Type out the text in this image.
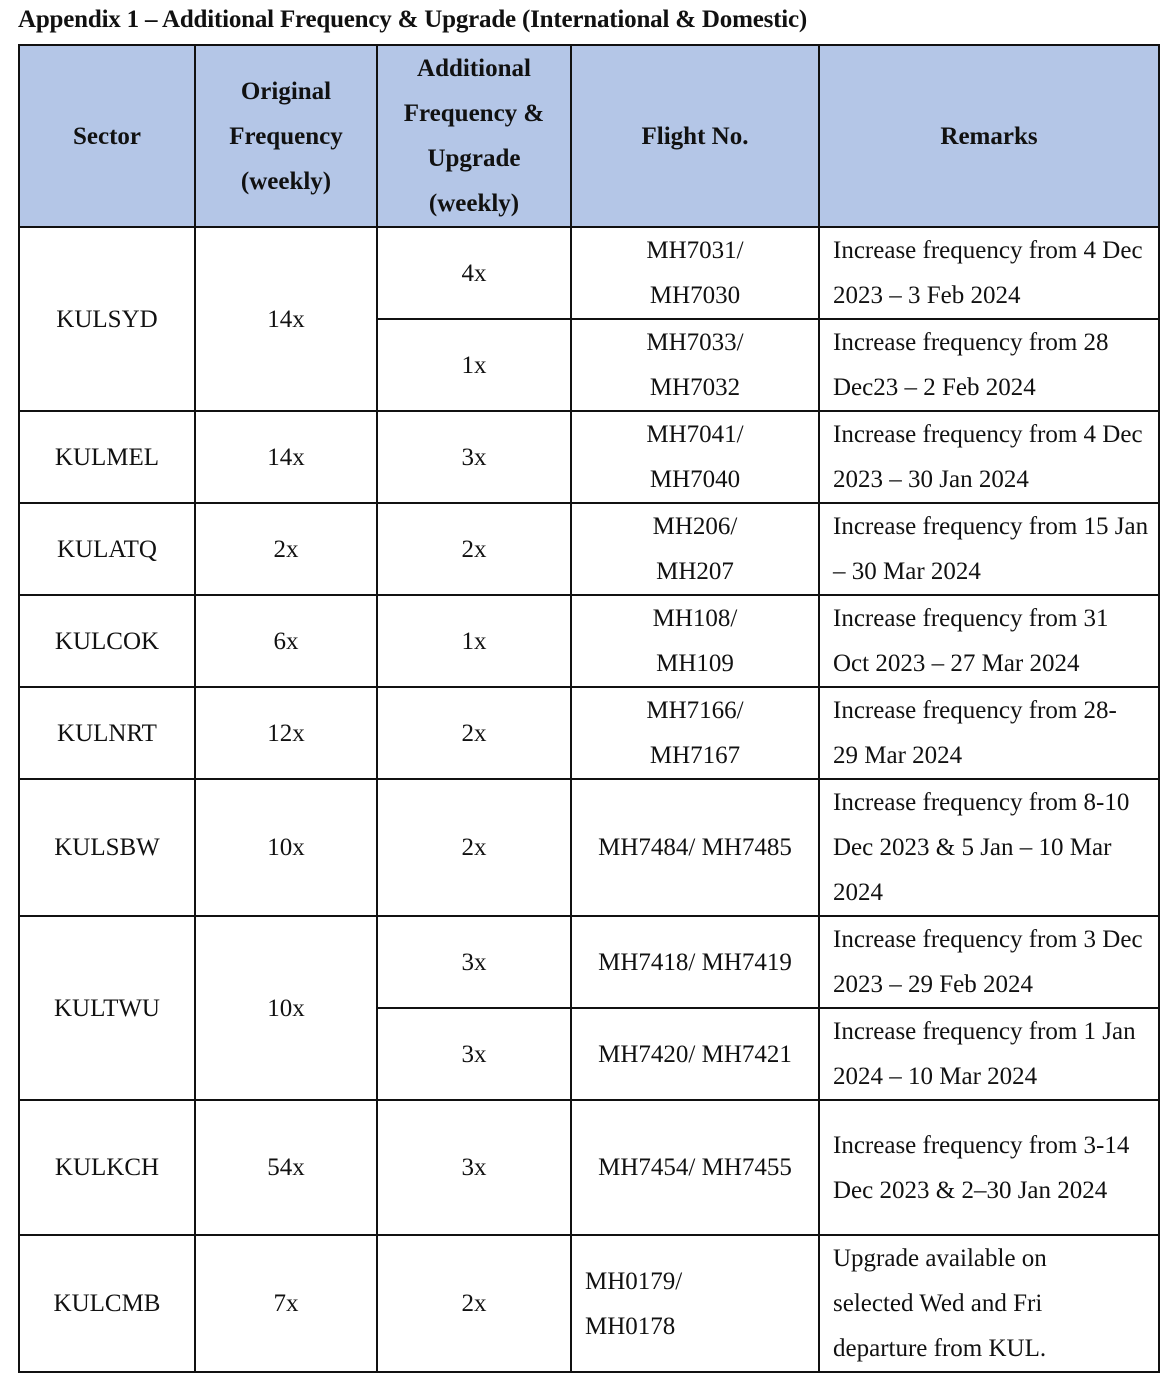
Appendix 1 – Additional Frequency & Upgrade (International & Domestic)
Sector	Original Frequency (weekly)	Additional Frequency & Upgrade (weekly)	Flight No.	Remarks
KULSYD	14x	4x	MH7031/ MH7030	Increase frequency from 4 Dec 2023 – 3 Feb 2024
		1x	MH7033/ MH7032	Increase frequency from 28 Dec23 – 2 Feb 2024
KULMEL	14x	3x	MH7041/ MH7040	Increase frequency from 4 Dec 2023 – 30 Jan 2024
KULATQ	2x	2x	MH206/ MH207	Increase frequency from 15 Jan – 30 Mar 2024
KULCOK	6x	1x	MH108/ MH109	Increase frequency from 31 Oct 2023 – 27 Mar 2024
KULNRT	12x	2x	MH7166/ MH7167	Increase frequency from 28-29 Mar 2024
KULSBW	10x	2x	MH7484/ MH7485	Increase frequency from 8-10 Dec 2023 & 5 Jan – 10 Mar 2024
KULTWU	10x	3x	MH7418/ MH7419	Increase frequency from 3 Dec 2023 – 29 Feb 2024
		3x	MH7420/ MH7421	Increase frequency from 1 Jan 2024 – 10 Mar 2024
KULKCH	54x	3x	MH7454/ MH7455	Increase frequency from 3-14 Dec 2023 & 2–30 Jan 2024
KULCMB	7x	2x	MH0179/ MH0178	Upgrade available on selected Wed and Fri departure from KUL.
